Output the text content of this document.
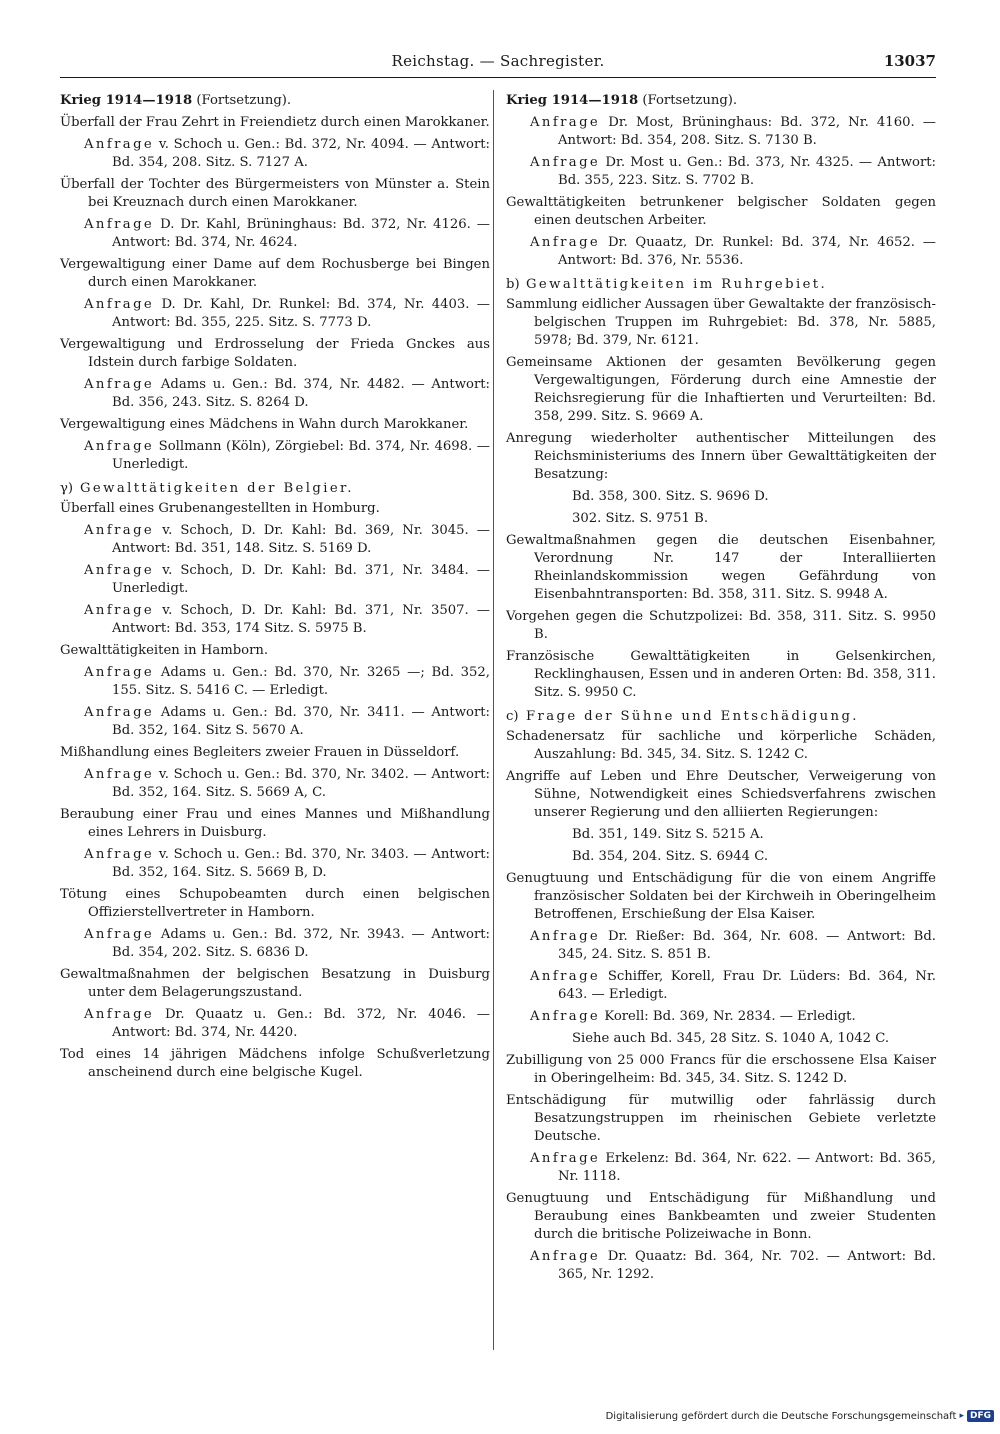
Reichstag. — Sachregister.	13037
Krieg 1914—1918 (Fortsetzung).
Überfall der Frau Zehrt in Freiendietz durch einen Marokkaner.
Anfrage v. Schoch u. Gen.: Bd. 372, Nr. 4094. — Antwort: Bd. 354, 208. Sitz. S. 7127 A.
Überfall der Tochter des Bürgermeisters von Münster a. Stein bei Kreuznach durch einen Marokkaner.
Anfrage D. Dr. Kahl, Brüninghaus: Bd. 372, Nr. 4126. — Antwort: Bd. 374, Nr. 4624.
Vergewaltigung einer Dame auf dem Rochusberge bei Bingen durch einen Marokkaner.
Anfrage D. Dr. Kahl, Dr. Runkel: Bd. 374, Nr. 4403. — Antwort: Bd. 355, 225. Sitz. S. 7773 D.
Vergewaltigung und Erdrosselung der Frieda Gnckes aus Idstein durch farbige Soldaten.
Anfrage Adams u. Gen.: Bd. 374, Nr. 4482. — Antwort: Bd. 356, 243. Sitz. S. 8264 D.
Vergewaltigung eines Mädchens in Wahn durch Marokkaner.
Anfrage Sollmann (Köln), Zörgiebel: Bd. 374, Nr. 4698. — Unerledigt.
γ) Gewalttätigkeiten der Belgier.
Überfall eines Grubenangestellten in Homburg.
Anfrage v. Schoch, D. Dr. Kahl: Bd. 369, Nr. 3045. — Antwort: Bd. 351, 148. Sitz. S. 5169 D.
Anfrage v. Schoch, D. Dr. Kahl: Bd. 371, Nr. 3484. — Unerledigt.
Anfrage v. Schoch, D. Dr. Kahl: Bd. 371, Nr. 3507. — Antwort: Bd. 353, 174 Sitz. S. 5975 B.
Gewalttätigkeiten in Hamborn.
Anfrage Adams u. Gen.: Bd. 370, Nr. 3265 —; Bd. 352, 155. Sitz. S. 5416 C. — Erledigt.
Anfrage Adams u. Gen.: Bd. 370, Nr. 3411. — Antwort: Bd. 352, 164. Sitz S. 5670 A.
Mißhandlung eines Begleiters zweier Frauen in Düsseldorf.
Anfrage v. Schoch u. Gen.: Bd. 370, Nr. 3402. — Antwort: Bd. 352, 164. Sitz. S. 5669 A, C.
Beraubung einer Frau und eines Mannes und Mißhandlung eines Lehrers in Duisburg.
Anfrage v. Schoch u. Gen.: Bd. 370, Nr. 3403. — Antwort: Bd. 352, 164. Sitz. S. 5669 B, D.
Tötung eines Schupobeamten durch einen belgischen Offizierstellvertreter in Hamborn.
Anfrage Adams u. Gen.: Bd. 372, Nr. 3943. — Antwort: Bd. 354, 202. Sitz. S. 6836 D.
Gewaltmaßnahmen der belgischen Besatzung in Duisburg unter dem Belagerungszustand.
Anfrage Dr. Quaatz u. Gen.: Bd. 372, Nr. 4046. — Antwort: Bd. 374, Nr. 4420.
Tod eines 14 jährigen Mädchens infolge Schußverletzung anscheinend durch eine belgische Kugel.
Krieg 1914—1918 (Fortsetzung).
Anfrage Dr. Most, Brüninghaus: Bd. 372, Nr. 4160. — Antwort: Bd. 354, 208. Sitz. S. 7130 B.
Anfrage Dr. Most u. Gen.: Bd. 373, Nr. 4325. — Antwort: Bd. 355, 223. Sitz. S. 7702 B.
Gewalttätigkeiten betrunkener belgischer Soldaten gegen einen deutschen Arbeiter.
Anfrage Dr. Quaatz, Dr. Runkel: Bd. 374, Nr. 4652. — Antwort: Bd. 376, Nr. 5536.
b) Gewalttätigkeiten im Ruhrgebiet.
Sammlung eidlicher Aussagen über Gewaltakte der französisch-belgischen Truppen im Ruhrgebiet: Bd. 378, Nr. 5885, 5978; Bd. 379, Nr. 6121.
Gemeinsame Aktionen der gesamten Bevölkerung gegen Vergewaltigungen, Förderung durch eine Amnestie der Reichsregierung für die Inhaftierten und Verurteilten: Bd. 358, 299. Sitz. S. 9669 A.
Anregung wiederholter authentischer Mitteilungen des Reichsministeriums des Innern über Gewalttätigkeiten der Besatzung:
Bd. 358, 300. Sitz. S. 9696 D.
302. Sitz. S. 9751 B.
Gewaltmaßnahmen gegen die deutschen Eisenbahner, Verordnung Nr. 147 der Interalliierten Rheinlandskommission wegen Gefährdung von Eisenbahntransporten: Bd. 358, 311. Sitz. S. 9948 A.
Vorgehen gegen die Schutzpolizei: Bd. 358, 311. Sitz. S. 9950 B.
Französische Gewalttätigkeiten in Gelsenkirchen, Recklinghausen, Essen und in anderen Orten: Bd. 358, 311. Sitz. S. 9950 C.
c) Frage der Sühne und Entschädigung.
Schadenersatz für sachliche und körperliche Schäden, Auszahlung: Bd. 345, 34. Sitz. S. 1242 C.
Angriffe auf Leben und Ehre Deutscher, Verweigerung von Sühne, Notwendigkeit eines Schiedsverfahrens zwischen unserer Regierung und den alliierten Regierungen:
Bd. 351, 149. Sitz S. 5215 A.
Bd. 354, 204. Sitz. S. 6944 C.
Genugtuung und Entschädigung für die von einem Angriffe französischer Soldaten bei der Kirchweih in Oberingelheim Betroffenen, Erschießung der Elsa Kaiser.
Anfrage Dr. Rießer: Bd. 364, Nr. 608. — Antwort: Bd. 345, 24. Sitz. S. 851 B.
Anfrage Schiffer, Korell, Frau Dr. Lüders: Bd. 364, Nr. 643. — Erledigt.
Anfrage Korell: Bd. 369, Nr. 2834. — Erledigt.
Siehe auch Bd. 345, 28 Sitz. S. 1040 A, 1042 C.
Zubilligung von 25 000 Francs für die erschossene Elsa Kaiser in Oberingelheim: Bd. 345, 34. Sitz. S. 1242 D.
Entschädigung für mutwillig oder fahrlässig durch Besatzungstruppen im rheinischen Gebiete verletzte Deutsche.
Anfrage Erkelenz: Bd. 364, Nr. 622. — Antwort: Bd. 365, Nr. 1118.
Genugtuung und Entschädigung für Mißhandlung und Beraubung eines Bankbeamten und zweier Studenten durch die britische Polizeiwache in Bonn.
Anfrage Dr. Quaatz: Bd. 364, Nr. 702. — Antwort: Bd. 365, Nr. 1292.
Digitalisierung gefördert durch die Deutsche Forschungsgemeinschaft ▸ DFG
